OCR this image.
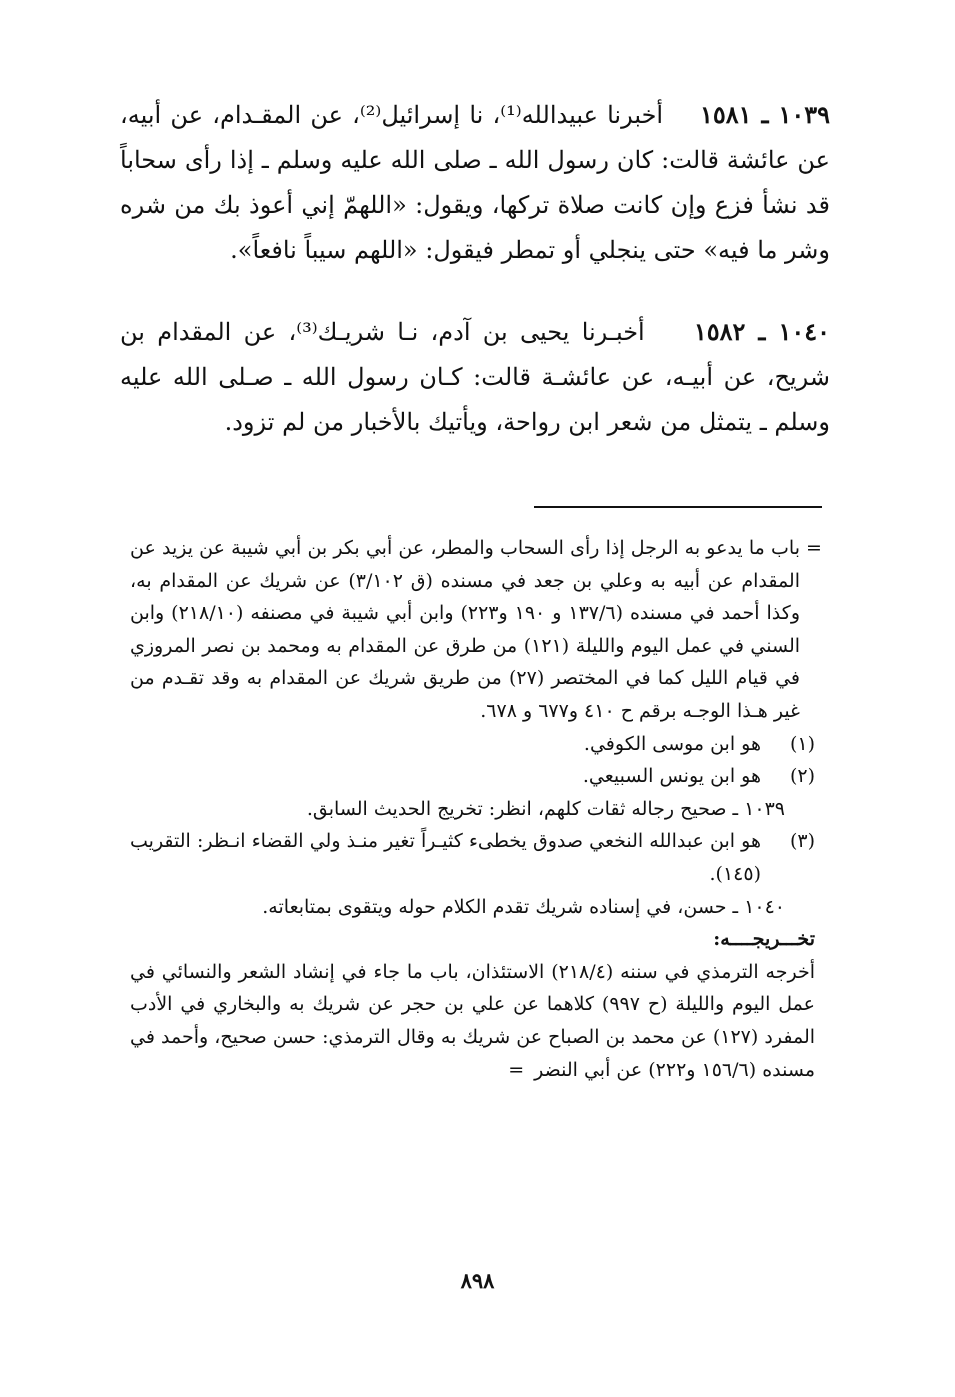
١٠٣٩ ـ ١٥٨١    أخبرنا عبيدالله⁽¹⁾، نا إسرائيل⁽²⁾، عن المقـدام، عن أبيه، عن عائشة قالت: كان رسول الله ـ صلى الله عليه وسلم ـ إذا رأى سحاباً قد نشأ فزع وإن كانت صلاة تركها، ويقول: «اللهمّ إني أعوذ بك من شره وشر ما فيه» حتى ينجلي أو تمطر فيقول: «اللهم سيباً نافعاً».

١٠٤٠ ـ ١٥٨٢    أخبـرنا يحيى بن آدم، نـا شريـك⁽³⁾، عن المقدام بن شريح، عن أبيـه، عن عائشـة قالت: كـان رسول الله ـ صـلى الله عليه وسلم ـ يتمثل من شعر ابن رواحة، ويأتيك بالأخبار من لم تزود.

=
باب ما يدعو به الرجل إذا رأى السحاب والمطر، عن أبي بكر بن أبي شيبة عن يزيد عن المقدام عن أبيه به وعلي بن جعد في مسنده (ق ٣/١٠٢) عن شريك عن المقدام به، وكذا أحمد في مسنده (١٣٧/٦ و ١٩٠ و٢٢٣) وابن أبي شيبة في مصنفه (٢١٨/١٠) وابن السني في عمل اليوم والليلة (١٢١) من طرق عن المقدام به ومحمد بن نصر المروزي في قيام الليل كما في المختصر (٢٧) من طريق شريك عن المقدام به وقد تقـدم من غير هـذا الوجـه برقم ح ٤١٠ و٦٧٧ و ٦٧٨.

(١)
هو ابن موسى الكوفي.

(٢)
هو ابن يونس السبيعي.

١٠٣٩ ـ صحيح رجاله ثقات كلهم، انظر: تخريج الحديث السابق.

(٣)
هو ابن عبدالله النخعي صدوق يخطىء كثيـراً تغير منـذ ولي القضاء انـظر: التقريب (١٤٥).

١٠٤٠ ـ حسن، في إسناده شريك تقدم الكلام حوله ويتقوى بمتابعاته.

تخـــريجــــه:

أخرجه الترمذي في سننه (٢١٨/٤) الاستئذان، باب ما جاء في إنشاد الشعر والنسائي في عمل اليوم والليلة (ح ٩٩٧) كلاهما عن علي بن حجر عن شريك به والبخاري في الأدب المفرد (١٢٧) عن محمد بن الصباح عن شريك به وقال الترمذي: حسن صحيح، وأحمد في مسنده (١٥٦/٦ و٢٢٢) عن أبي النضر =

٨٩٨
